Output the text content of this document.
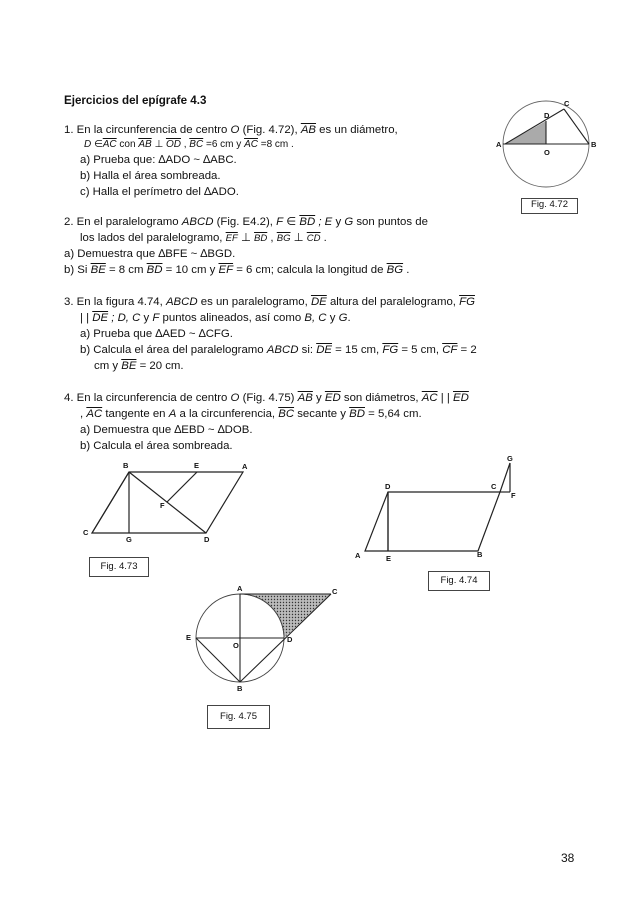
Ejercicios del epígrafe 4.3
1. En la circunferencia de centro O (Fig. 4.72), $\overline{AB}$ es un diámetro,
D $\in\overline{AC}$ con $\overline{AB}$ ⊥ $\overline{OD}$ , $\overline{BC} =6$ cm y $\overline{AC} =8$ cm .
a) Prueba que: ∆ADO ~ ∆ABC.
b) Halla el área sombreada.
c) Halla el perímetro del ∆ADO.
A	B
C
D
O
Fig. 4.72
2. En el paralelogramo ABCD (Fig. E4.2), F ∈ $\overline{BD}$ ; E y G son puntos de
los lados del paralelogramo, $\overline{EF}$ ⊥ $\overline{BD}$ , $\overline{BG}$ ⊥ $\overline{CD}$ .
a) Demuestra que ∆BFE ~ ∆BGD.
b) Si $\overline{BE} = 8$ cm $\overline{BD} = 10$ cm y $\overline{EF} = 6$ cm; calcula la longitud de $\overline{BG}$ .
3. En la figura 4.74, ABCD es un paralelogramo, $\overline{DE}$ altura del paralelogramo, $\overline{FG}$
| | $\overline{DE}$ ; D, C y F puntos alineados, así como B, C y G.
a) Prueba que ∆AED ~ ∆CFG.
b) Calcula el área del paralelogramo ABCD si: $\overline{DE} = 15$ cm, $\overline{FG} = 5$ cm, $\overline{CF} = 2$
cm y $\overline{BE} = 20$ cm.
4. En la circunferencia de centro O (Fig. 4.75) $\overline{AB}$ y $\overline{ED}$ son diámetros, $\overline{AC}$ | | $\overline{ED}$
, $\overline{AC}$ tangente en A a la circunferencia, $\overline{BC}$ secante y $\overline{BD} = 5,64$ cm.
a) Demuestra que ∆EBD ~ ∆DOB.
b) Calcula el área sombreada.
B	E	A
F
C
G	D
Fig. 4.73
G
D	C
F
A	E	B
Fig. 4.74
A	C
E
O
D
B
Fig. 4.75
38
